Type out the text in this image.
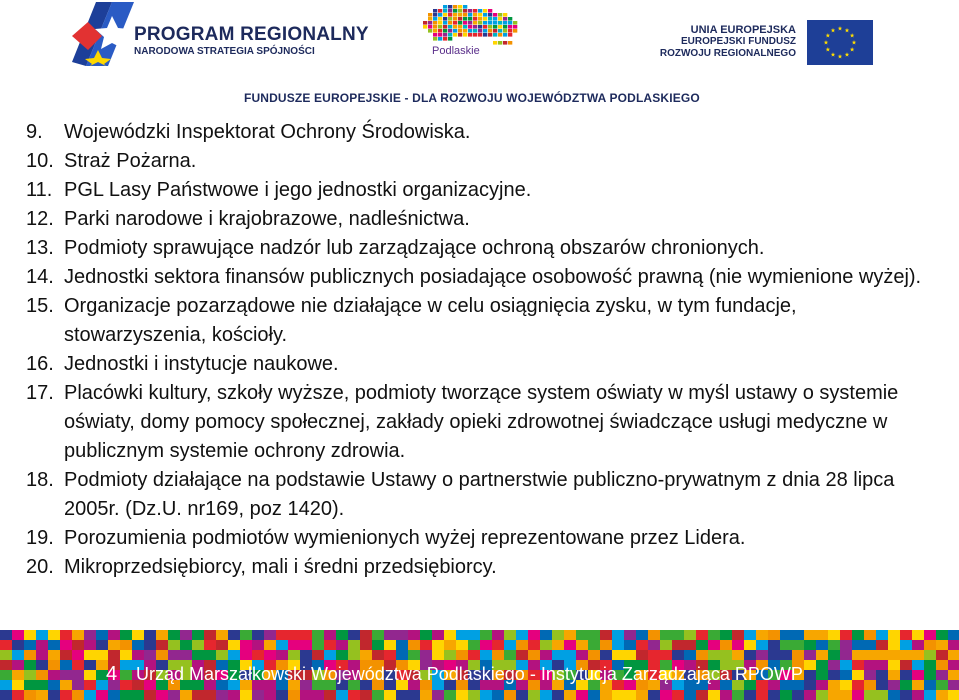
PROGRAM REGIONALNY
NARODOWA STRATEGIA SPÓJNOŚCI	Podlaskie
UNIA EUROPEJSKA
EUROPEJSKI FUNDUSZ
ROZWOJU REGIONALNEGO
FUNDUSZE EUROPEJSKIE - DLA ROZWOJU WOJEWÓDZTWA PODLASKIEGO
9.	Wojewódzki Inspektorat Ochrony Środowiska.
10. Straż Pożarna.
11. PGL Lasy Państwowe i jego jednostki organizacyjne.
12. Parki narodowe i krajobrazowe, nadleśnictwa.
13. Podmioty sprawujące nadzór lub zarządzające ochroną obszarów chronionych.
14. Jednostki sektora finansów publicznych posiadające osobowość prawną (nie wymienione wyżej).
15. Organizacje pozarządowe nie działające w celu osiągnięcia zysku, w tym fundacje, stowarzyszenia, kościoły.
16. Jednostki i instytucje naukowe.
17. Placówki kultury, szkoły wyższe, podmioty tworzące system oświaty w myśl ustawy o systemie oświaty, domy pomocy społecznej, zakłady opieki zdrowotnej świadczące usługi medyczne w publicznym systemie ochrony zdrowia.
18. Podmioty działające na podstawie Ustawy o partnerstwie publiczno-prywatnym z dnia 28 lipca 2005r. (Dz.U. nr169, poz 1420).
19. Porozumienia podmiotów wymienionych wyżej reprezentowane przez Lidera.
20. Mikroprzedsiębiorcy, mali i średni przedsiębiorcy.
4 Urząd Marszałkowski Województwa Podlaskiego - Instytucja Zarządzająca RPOWP
